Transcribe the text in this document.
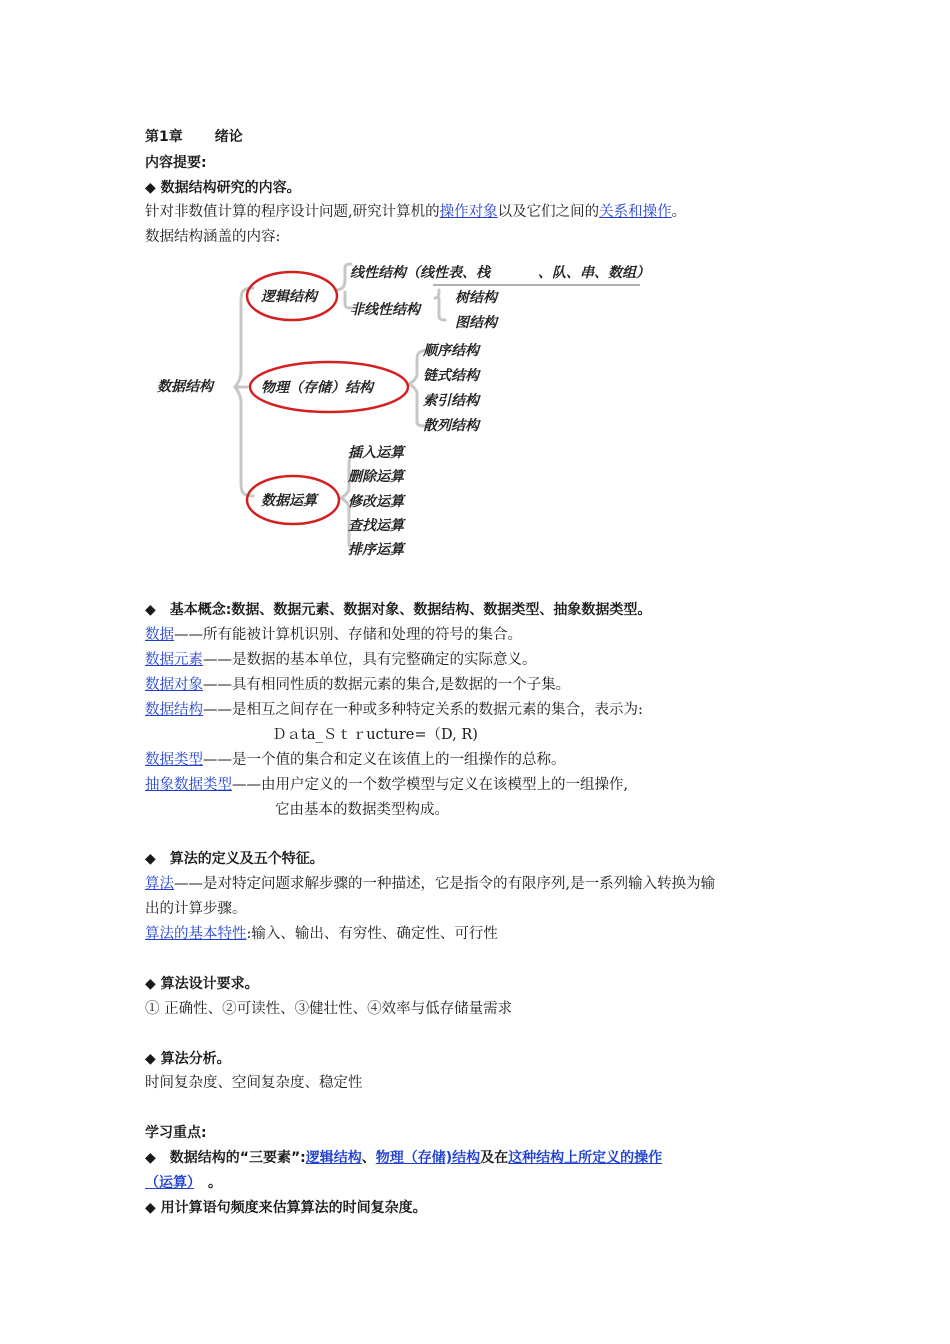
第1章 绪论
内容提要:
◆ 数据结构研究的内容。
针对非数值计算的程序设计问题,研究计算机的操作对象以及它们之间的关系和操作。
数据结构涵盖的内容:
数据结构
逻辑结构
物理（存储）结构
数据运算
线性结构（线性表、栈	、队、串、数组）
非线性结构
树结构
图结构
顺序结构
链式结构
索引结构
散列结构
插入运算
删除运算
修改运算
查找运算
排序运算
◆　基本概念:数据、数据元素、数据对象、数据结构、数据类型、抽象数据类型。
数据——所有能被计算机识别、存储和处理的符号的集合。
数据元素——是数据的基本单位，具有完整确定的实际意义。
数据对象——具有相同性质的数据元素的集合,是数据的一个子集。
数据结构——是相互之间存在一种或多种特定关系的数据元素的集合，表示为:
Ｄａta_Ｓｔｒucture=（D, R)
数据类型——是一个值的集合和定义在该值上的一组操作的总称。
抽象数据类型——由用户定义的一个数学模型与定义在该模型上的一组操作,
它由基本的数据类型构成。
◆　算法的定义及五个特征。
算法——是对特定问题求解步骤的一种描述，它是指令的有限序列,是一系列输入转换为输
出的计算步骤。
算法的基本特性:输入、输出、有穷性、确定性、可行性
◆ 算法设计要求。
① 正确性、②可读性、③健壮性、④效率与低存储量需求
◆ 算法分析。
时间复杂度、空间复杂度、稳定性
学习重点:
◆　数据结构的“三要素”:逻辑结构、物理（存储)结构及在这种结构上所定义的操作
（运算）　。
◆ 用计算语句频度来估算算法的时间复杂度。
